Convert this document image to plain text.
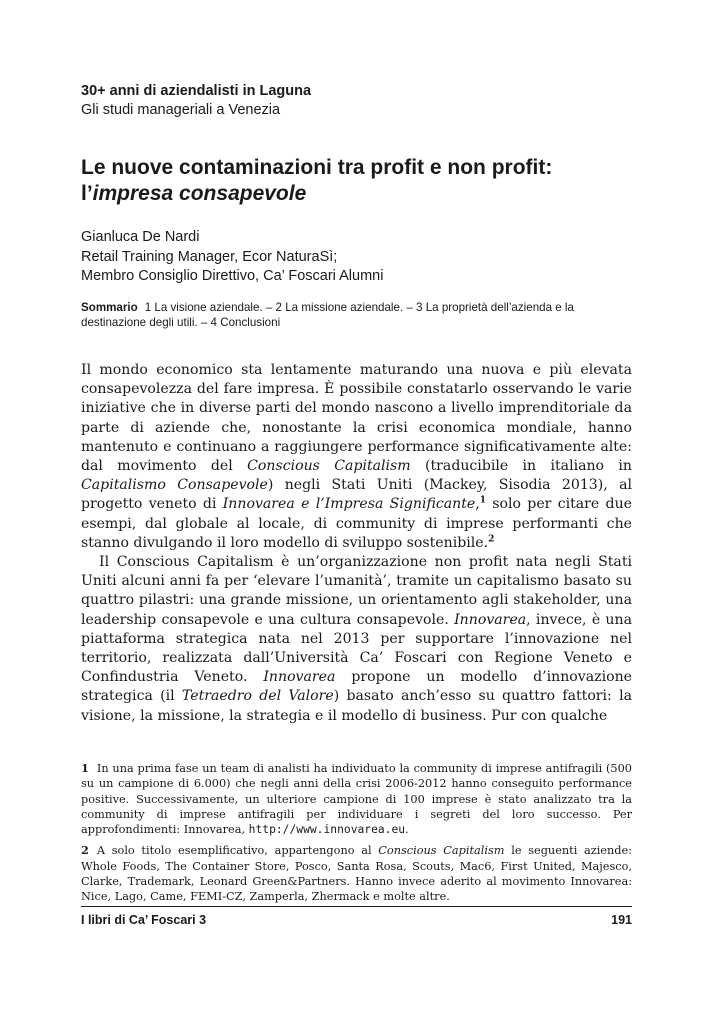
30+ anni di aziendalisti in Laguna
Gli studi manageriali a Venezia
Le nuove contaminazioni tra profit e non profit:
l’impresa consapevole
Gianluca De Nardi
Retail Training Manager, Ecor NaturaSì;
Membro Consiglio Direttivo, Ca’ Foscari Alumni
Sommario 1 La visione aziendale. – 2 La missione aziendale. – 3 La proprietà dell’azienda e la destinazione degli utili. – 4 Conclusioni

Il mondo economico sta lentamente maturando una nuova e più elevata consapevolezza del fare impresa. È possibile constatarlo osservando le varie iniziative che in diverse parti del mondo nascono a livello imprenditoriale da parte di aziende che, nonostante la crisi economica mondiale, hanno mantenuto e continuano a raggiungere performance significativamente alte: dal movimento del Conscious Capitalism (traducibile in italiano in Capitalismo Consapevole) negli Stati Uniti (Mackey, Sisodia 2013), al progetto veneto di Innovarea e l’Impresa Significante,$^1$ solo per citare due esempi, dal globale al locale, di community di imprese performanti che stanno divulgando il loro modello di sviluppo sostenibile.$^2$

Il Conscious Capitalism è un’organizzazione non profit nata negli Stati Uniti alcuni anni fa per ‘elevare l’umanità’, tramite un capitalismo basato su quattro pilastri: una grande missione, un orientamento agli stakeholder, una leadership consapevole e una cultura consapevole. Innovarea, invece, è una piattaforma strategica nata nel 2013 per supportare l’innovazione nel territorio, realizzata dall’Università Ca’ Foscari con Regione Veneto e Confindustria Veneto. Innovarea propone un modello d’innovazione strategica (il Tetraedro del Valore) basato anch’esso su quattro fattori: la visione, la missione, la strategia e il modello di business. Pur con qualche

1 In una prima fase un team di analisti ha individuato la community di imprese antifragili (500 su un campione di 6.000) che negli anni della crisi 2006-2012 hanno conseguito performance positive. Successivamente, un ulteriore campione di 100 imprese è stato analizzato tra la community di imprese antifragili per individuare i segreti del loro successo. Per approfondimenti: Innovarea, http://www.innovarea.eu.

2 A solo titolo esemplificativo, appartengono al Conscious Capitalism le seguenti aziende: Whole Foods, The Container Store, Posco, Santa Rosa, Scouts, Mac6, First United, Majesco, Clarke, Trademark, Leonard Green&Partners. Hanno invece aderito al movimento Innovarea: Nice, Lago, Came, FEMI-CZ, Zamperla, Zhermack e molte altre.

I libri di Ca’ Foscari 3	191
